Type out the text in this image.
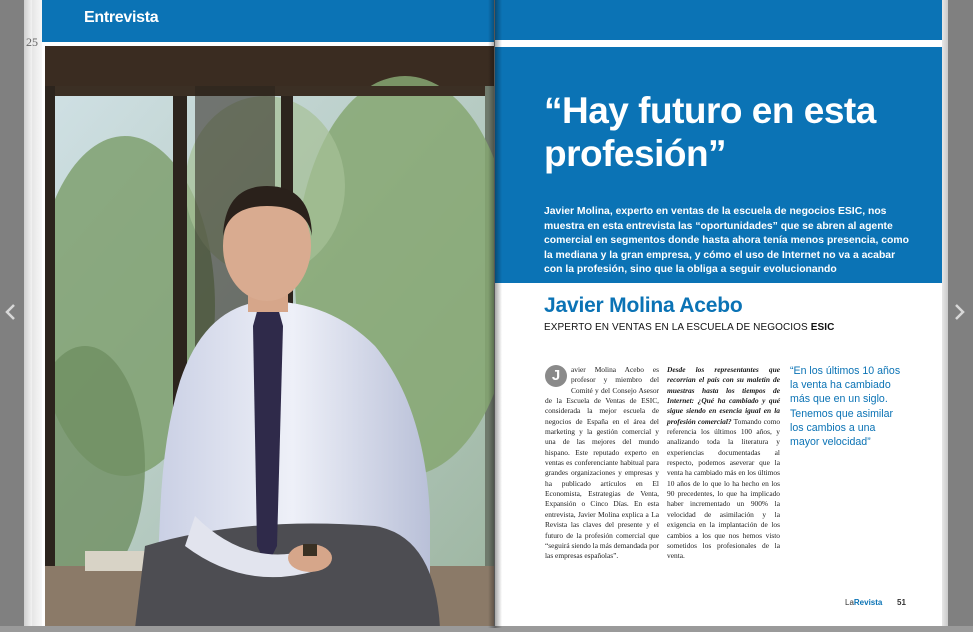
25
Entrevista
“Hay futuro en esta profesión”
Javier Molina, experto en ventas de la escuela de negocios ESIC, nos muestra en esta entrevista las “oportunidades” que se abren al agente comercial en segmentos donde hasta ahora tenía menos presencia, como la mediana y la gran empresa, y cómo el uso de Internet no va a acabar con la profesión, sino que la obliga a seguir evolucionando
Javier Molina Acebo
EXPERTO EN VENTAS EN LA ESCUELA DE NEGOCIOS ESIC
J	avier Molina Acebo es profesor y miembro del Comité y del Consejo Asesor de la Escuela de Ventas de ESIC, considerada la mejor escuela de negocios de España en el área del marketing y la gestión comercial y una de las mejores del mundo hispano. Este reputado experto en ventas es conferenciante habitual para grandes organizaciones y empresas y ha publicado artículos en El Economista, Estrategias de Venta, Expansión o Cinco Días. En esta entrevista, Javier Molina explica a La Revista las claves del presente y el futuro de la profesión comercial que “seguirá siendo la más demandada por las empresas españolas”.
Desde los representantes que recorrían el país con su maletín de muestras hasta los tiempos de Internet: ¿Qué ha cambiado y qué sigue siendo en esencia igual en la profesión comercial? Tomando como referencia los últimos 100 años, y analizando toda la literatura y experiencias documentadas al respecto, podemos aseverar que la venta ha cambiado más en los últimos 10 años de lo que lo ha hecho en los 90 precedentes, lo que ha implicado haber incrementado un 900% la velocidad de asimilación y la exigencia en la implantación de los cambios a los que nos hemos visto sometidos los profesionales de la venta.
“En los últimos 10 años la venta ha cambiado más que en un siglo. Tenemos que asimilar los cambios a una mayor velocidad”
LaRevista 51
